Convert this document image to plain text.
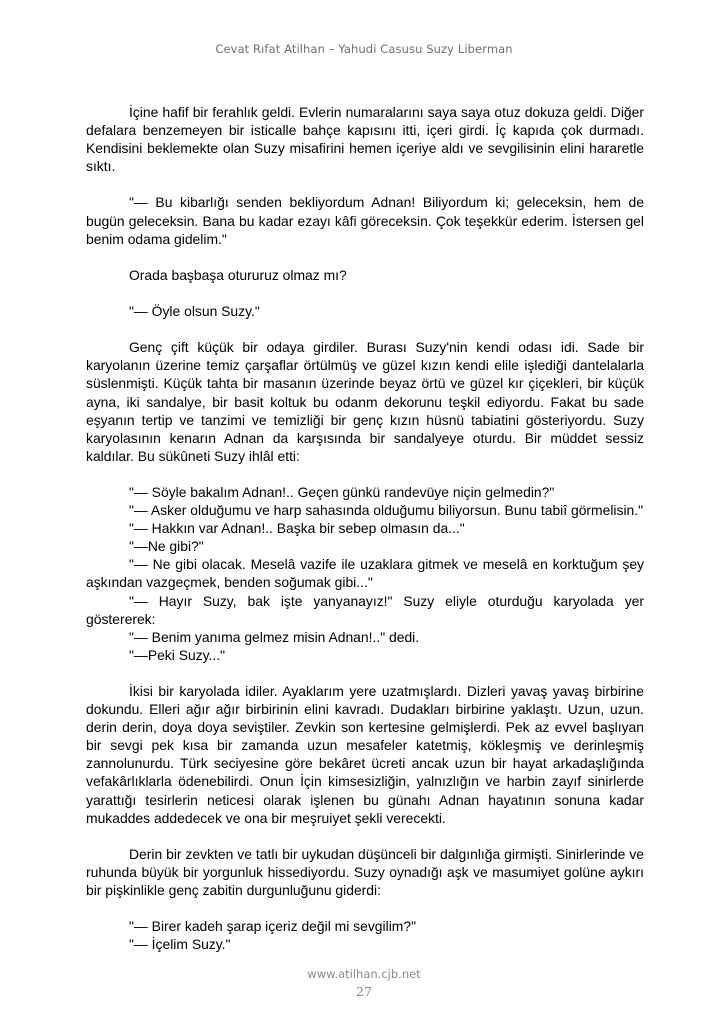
Cevat Rıfat Atilhan – Yahudi Casusu Suzy Liberman

İçine hafif bir ferahlık geldi. Evlerin numaralarını saya saya otuz dokuza geldi. Diğer defalara benzemeyen bir isticalle bahçe kapısını itti, içeri girdi. İç kapıda çok durmadı. Kendisini beklemekte olan Suzy misafirini hemen içeriye aldı ve sevgilisinin elini hararetle sıktı.

"— Bu kibarlığı senden bekliyordum Adnan! Biliyordum ki; geleceksin, hem de bugün geleceksin. Bana bu kadar ezayı kâfi göreceksin. Çok teşekkür ederim. İstersen gel benim odama gidelim."

Orada başbaşa otururuz olmaz mı?

"— Öyle olsun Suzy."

Genç çift küçük bir odaya girdiler. Burası Suzy'nin kendi odası idi. Sade bir karyolanın üzerine temiz çarşaflar örtülmüş ve güzel kızın kendi elile işlediği dantelalarla süslenmişti. Küçük tahta bir masanın üzerinde beyaz örtü ve güzel kır çiçekleri, bir küçük ayna, iki sandalye, bir basit koltuk bu odanm dekorunu teşkil ediyordu. Fakat bu sade eşyanın tertip ve tanzimi ve temizliği bir genç kızın hüsnü tabiatini gösteriyordu. Suzy karyolasının kenarın Adnan da karşısında bir sandalyeye oturdu. Bir müddet sessiz kaldılar. Bu sükûneti Suzy ihlâl etti:

"— Söyle bakalım Adnan!.. Geçen günkü randevüye niçin gelmedin?"

"— Asker olduğumu ve harp sahasında olduğumu biliyorsun. Bunu tabiî görmelisin."

"— Hakkın var Adnan!.. Başka bir sebep olmasın da..."

"—Ne gibi?"

"— Ne gibi olacak. Meselâ vazife ile uzaklara gitmek ve meselâ en korktuğum şey aşkından vazgeçmek, benden soğumak gibi..."

"— Hayır Suzy, bak işte yanyanayız!" Suzy eliyle oturduğu karyolada yer göstererek:

"— Benim yanıma gelmez misin Adnan!.." dedi.

"—Peki Suzy..."

İkisi bir karyolada idiler. Ayaklarım yere uzatmışlardı. Dizleri yavaş yavaş birbirine dokundu. Elleri ağır ağır birbirinin elini kavradı. Dudakları birbirine yaklaştı. Uzun, uzun. derin derin, doya doya seviştiler. Zevkin son kertesine gelmişlerdi. Pek az evvel başlıyan bir sevgi pek kısa bir zamanda uzun mesafeler katetmiş, kökleşmiş ve derinleşmiş zannolunurdu. Türk seciyesine göre bekâret ücreti ancak uzun bir hayat arkadaşlığında vefakârlıklarla ödenebilirdi. Onun İçin kimsesizliğin, yalnızlığın ve harbin zayıf sinirlerde yarattığı tesirlerin neticesi olarak işlenen bu günahı Adnan hayatının sonuna kadar mukaddes addedecek ve ona bir meşruiyet şekli verecekti.

Derin bir zevkten ve tatlı bir uykudan düşünceli bir dalgınlığa girmişti. Sinirlerinde ve ruhunda büyük bir yorgunluk hissediyordu. Suzy oynadığı aşk ve masumiyet golüne aykırı bir pişkinlikle genç zabitin durgunluğunu giderdi:

"— Birer kadeh şarap içeriz değil mi sevgilim?"

"— İçelim Suzy."

www.atilhan.cjb.net
27
